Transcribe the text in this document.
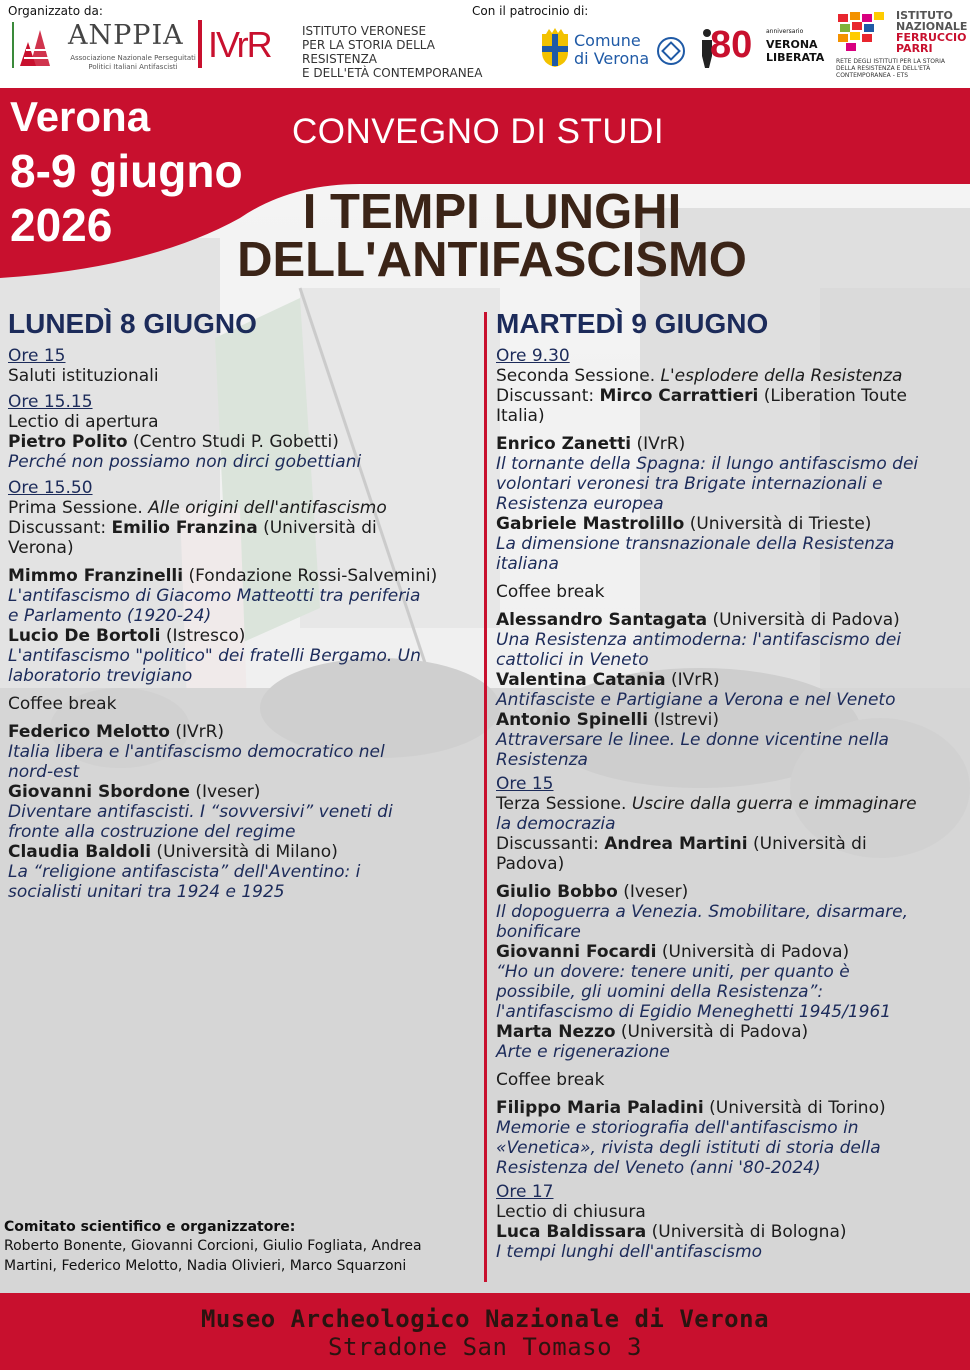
Organizzato da:	Con il patrocinio di:
ANPPIA
Associazione Nazionale Perseguitati Politici Italiani Antifascisti
IVrR	ISTITUTO VERONESE
PER LA STORIA DELLA RESISTENZA
E DELL'ETÀ CONTEMPORANEA
Comune
di Verona 80 anniversario
VERONA
LIBERATA
ISTITUTO
NAZIONALE
FERRUCCIO
PARRI
RETE DEGLI ISTITUTI PER LA STORIA DELLA RESISTENZA E DELL'ETÀ CONTEMPORANEA - ETS
Verona
8-9 giugno
2026
CONVEGNO DI STUDI
I TEMPI LUNGHI
DELL'ANTIFASCISMO
LUNEDÌ 8 GIUGNO
Ore 15
Saluti istituzionali
Ore 15.15
Lectio di apertura
Pietro Polito (Centro Studi P. Gobetti)
Perché non possiamo non dirci gobettiani
Ore 15.50
Prima Sessione. Alle origini dell'antifascismo
Discussant: Emilio Franzina (Università di
Verona)
Mimmo Franzinelli (Fondazione Rossi-Salvemini)
L'antifascismo di Giacomo Matteotti tra periferia
e Parlamento (1920-24)
Lucio De Bortoli (Istresco)
L'antifascismo "politico" dei fratelli Bergamo. Un
laboratorio trevigiano
Coffee break
Federico Melotto (IVrR)
Italia libera e l'antifascismo democratico nel
nord-est
Giovanni Sbordone (Iveser)
Diventare antifascisti. I “sovversivi” veneti di
fronte alla costruzione del regime
Claudia Baldoli (Università di Milano)
La “religione antifascista” dell'Aventino: i
socialisti unitari tra 1924 e 1925
MARTEDÌ 9 GIUGNO
Ore 9.30
Seconda Sessione. L'esplodere della Resistenza
Discussant: Mirco Carrattieri (Liberation Toute
Italia)
Enrico Zanetti (IVrR)
Il tornante della Spagna: il lungo antifascismo dei
volontari veronesi tra Brigate internazionali e
Resistenza europea
Gabriele Mastrolillo (Università di Trieste)
La dimensione transnazionale della Resistenza
italiana
Coffee break
Alessandro Santagata (Università di Padova)
Una Resistenza antimoderna: l'antifascismo dei
cattolici in Veneto
Valentina Catania (IVrR)
Antifasciste e Partigiane a Verona e nel Veneto
Antonio Spinelli (Istrevi)
Attraversare le linee. Le donne vicentine nella
Resistenza
Ore 15
Terza Sessione. Uscire dalla guerra e immaginare
la democrazia
Discussanti: Andrea Martini (Università di
Padova)
Giulio Bobbo (Iveser)
Il dopoguerra a Venezia. Smobilitare, disarmare,
bonificare
Giovanni Focardi (Università di Padova)
“Ho un dovere: tenere uniti, per quanto è
possibile, gli uomini della Resistenza”:
l'antifascismo di Egidio Meneghetti 1945/1961
Marta Nezzo (Università di Padova)
Arte e rigenerazione
Coffee break
Filippo Maria Paladini (Università di Torino)
Memorie e storiografia dell'antifascismo in
«Venetica», rivista degli istituti di storia della
Resistenza del Veneto (anni '80-2024)
Ore 17
Lectio di chiusura
Luca Baldissara (Università di Bologna)
I tempi lunghi dell'antifascismo
Comitato scientifico e organizzatore:
Roberto Bonente, Giovanni Corcioni, Giulio Fogliata, Andrea
Martini, Federico Melotto, Nadia Olivieri, Marco Squarzoni
Museo Archeologico Nazionale di Verona
Stradone San Tomaso 3
